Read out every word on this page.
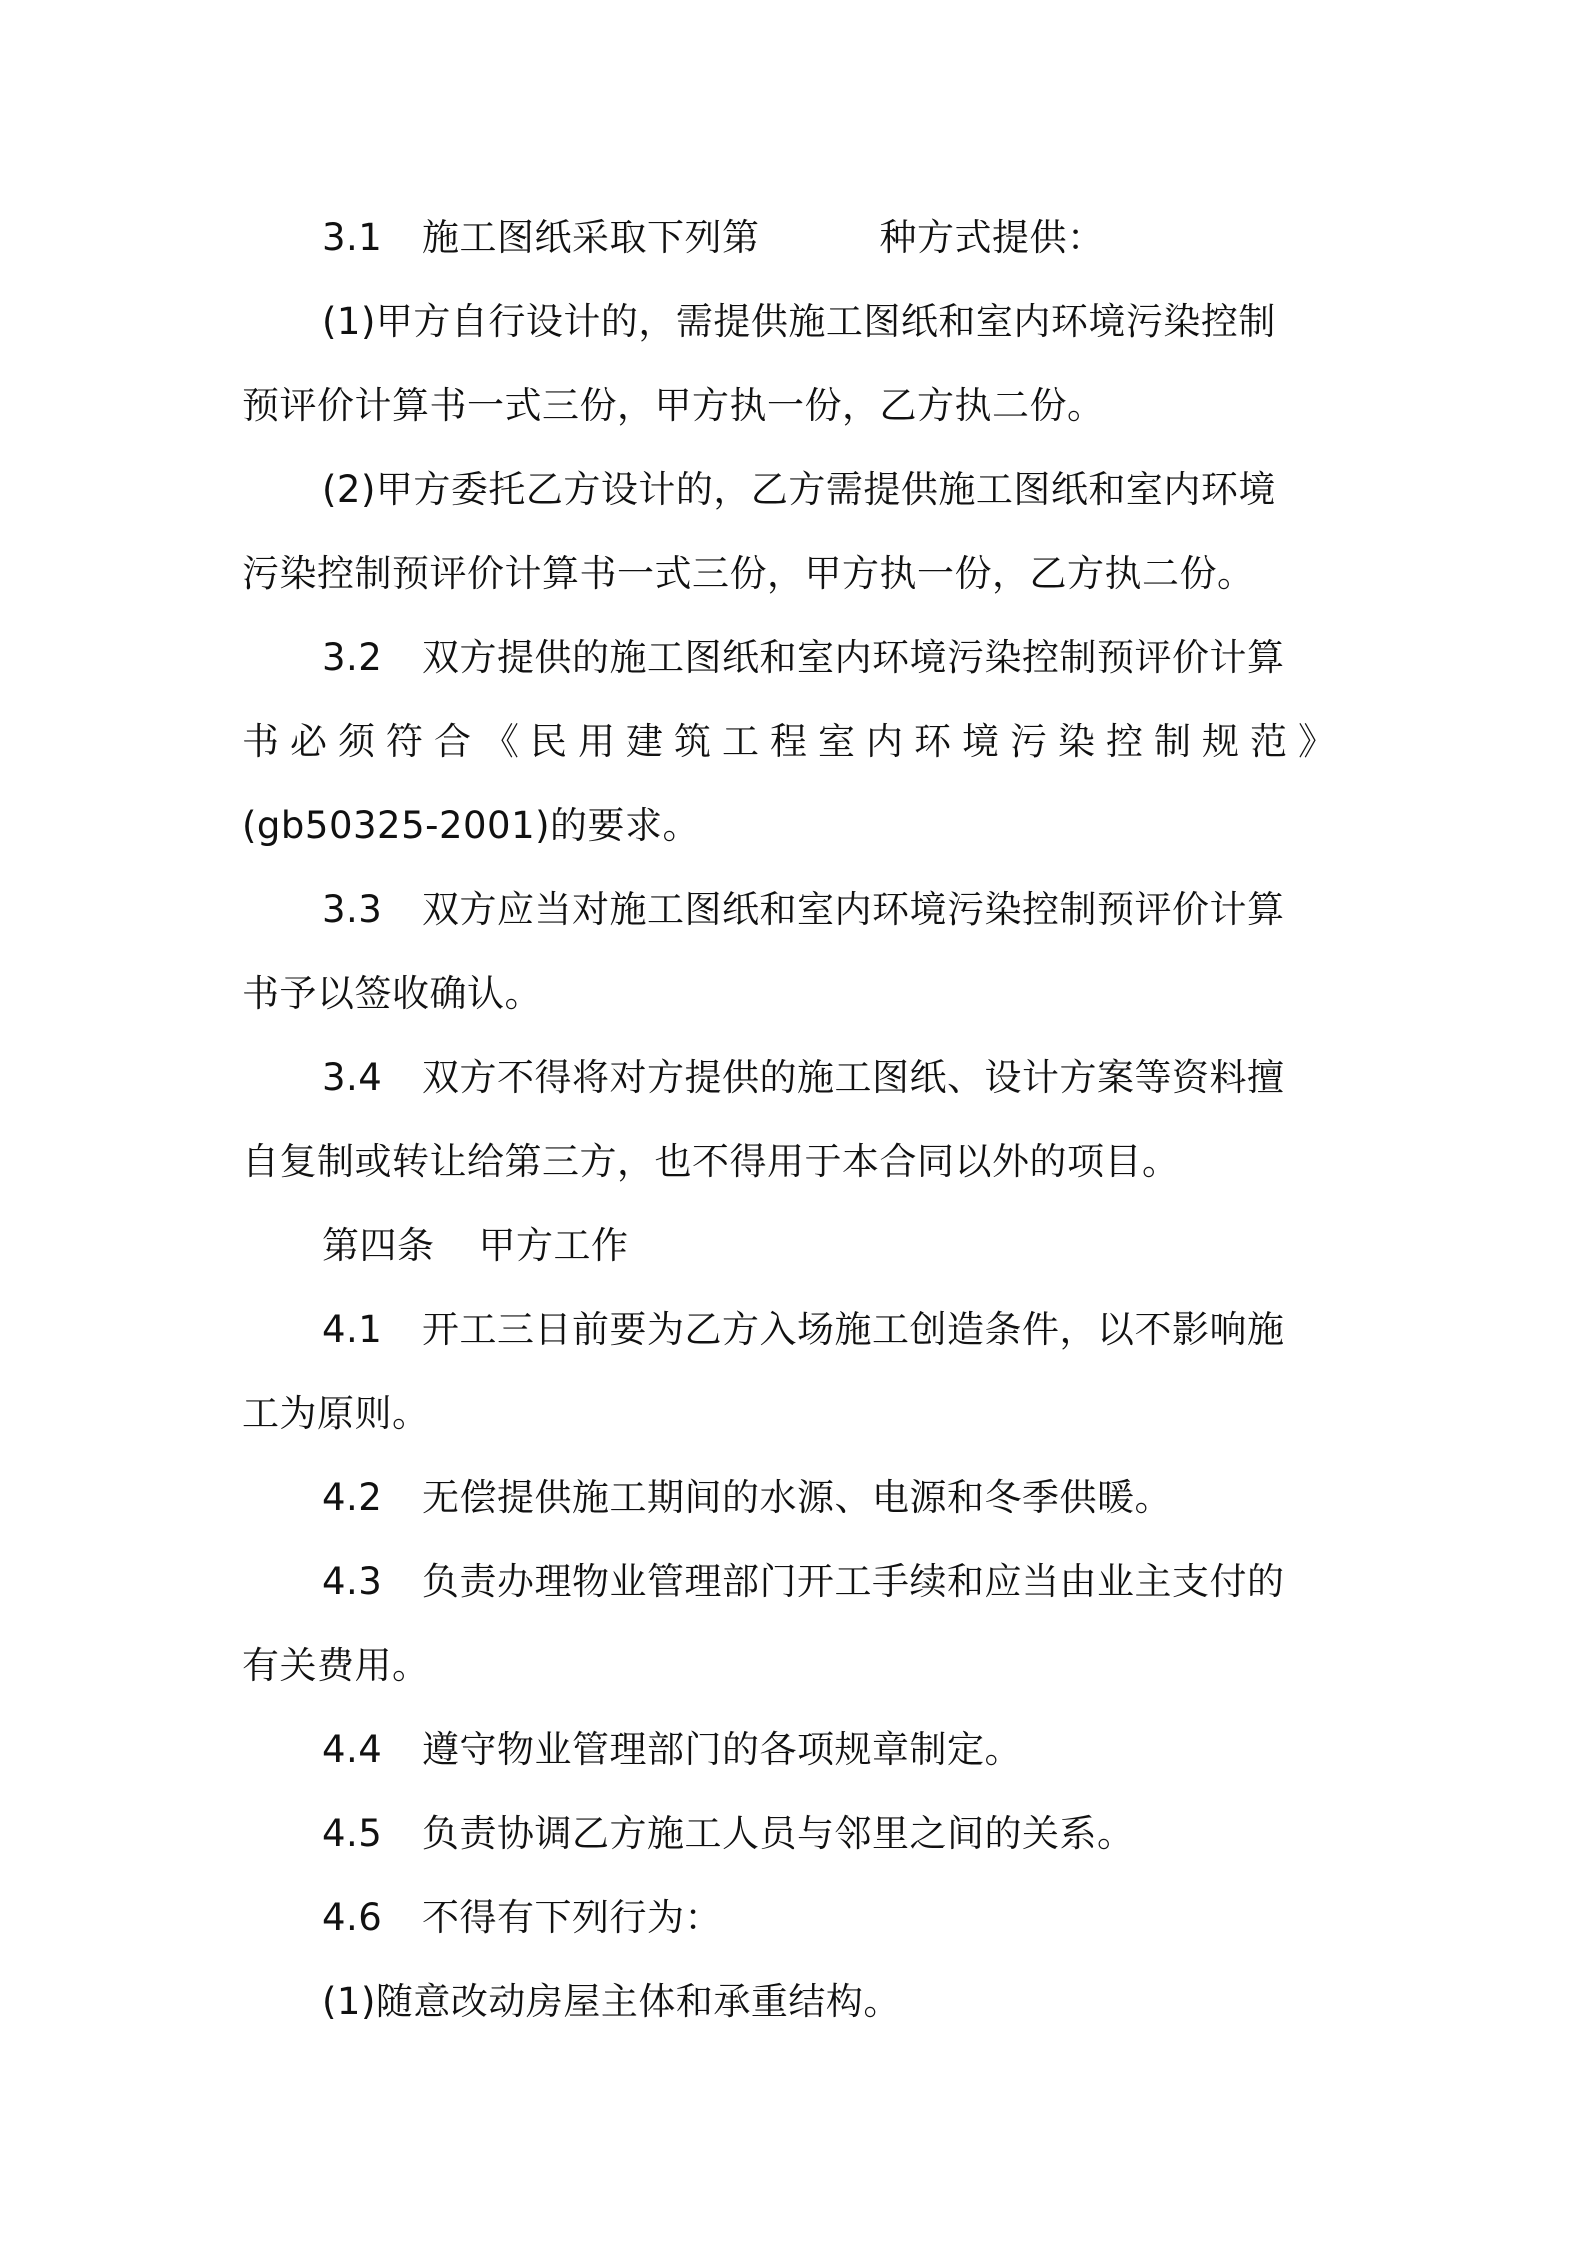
3.1 施工图纸采取下列第	种方式提供：
(1)甲方自行设计的，需提供施工图纸和室内环境污染控制
预评价计算书一式三份，甲方执一份，乙方执二份。
(2)甲方委托乙方设计的，乙方需提供施工图纸和室内环境
污染控制预评价计算书一式三份，甲方执一份，乙方执二份。
3.2 双方提供的施工图纸和室内环境污染控制预评价计算
书必须符合《民用建筑工程室内环境污染控制规范》
(gb50325-2001)的要求。
3.3 双方应当对施工图纸和室内环境污染控制预评价计算
书予以签收确认。
3.4 双方不得将对方提供的施工图纸、设计方案等资料擅
自复制或转让给第三方，也不得用于本合同以外的项目。
第四条 甲方工作
4.1 开工三日前要为乙方入场施工创造条件，以不影响施
工为原则。
4.2 无偿提供施工期间的水源、电源和冬季供暖。
4.3 负责办理物业管理部门开工手续和应当由业主支付的
有关费用。
4.4 遵守物业管理部门的各项规章制定。
4.5 负责协调乙方施工人员与邻里之间的关系。
4.6 不得有下列行为：
(1)随意改动房屋主体和承重结构。
